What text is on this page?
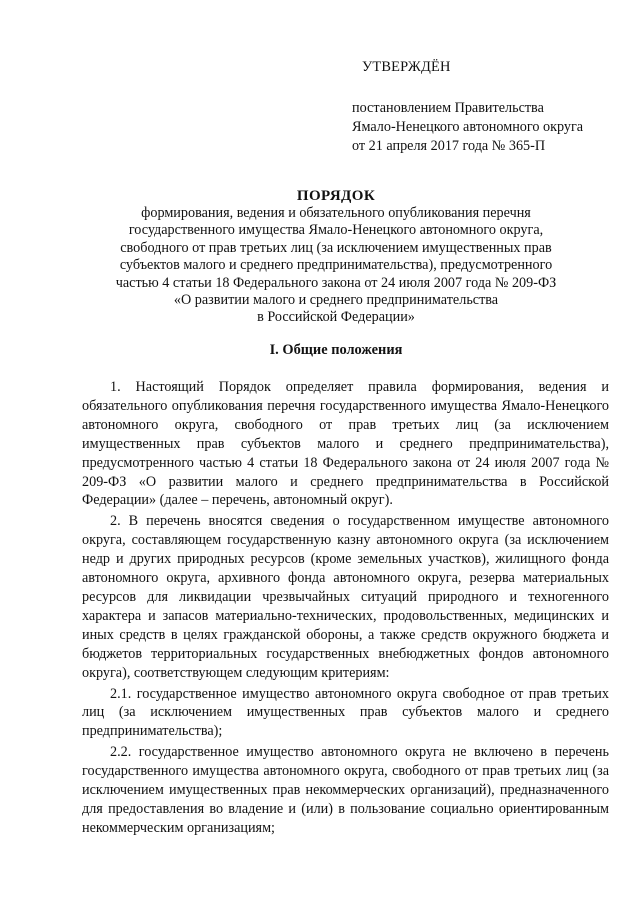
УТВЕРЖДЁН
постановлением Правительства
Ямало-Ненецкого автономного округа
от 21 апреля 2017 года № 365-П
ПОРЯДОК
формирования, ведения и обязательного опубликования перечня
государственного имущества Ямало-Ненецкого автономного округа,
свободного от прав третьих лиц (за исключением имущественных прав
субъектов малого и среднего предпринимательства), предусмотренного
частью 4 статьи 18 Федерального закона от 24 июля 2007 года № 209-ФЗ
«О развитии малого и среднего предпринимательства
в Российской Федерации»
I. Общие положения

1. Настоящий Порядок определяет правила формирования, ведения и обязательного опубликования перечня государственного имущества Ямало-Ненецкого автономного округа, свободного от прав третьих лиц (за исключением имущественных прав субъектов малого и среднего предпринимательства), предусмотренного частью 4 статьи 18 Федерального закона от 24 июля 2007 года № 209-ФЗ «О развитии малого и среднего предпринимательства в Российской Федерации» (далее – перечень, автономный округ).

2. В перечень вносятся сведения о государственном имуществе автономного округа, составляющем государственную казну автономного округа (за исключением недр и других природных ресурсов (кроме земельных участков), жилищного фонда автономного округа, архивного фонда автономного округа, резерва материальных ресурсов для ликвидации чрезвычайных ситуаций природного и техногенного характера и запасов материально-технических, продовольственных, медицинских и иных средств в целях гражданской обороны, а также средств окружного бюджета и бюджетов территориальных государственных внебюджетных фондов автономного округа), соответствующем следующим критериям:

2.1. государственное имущество автономного округа свободное от прав третьих лиц (за исключением имущественных прав субъектов малого и среднего предпринимательства);

2.2. государственное имущество автономного округа не включено в перечень государственного имущества автономного округа, свободного от прав третьих лиц (за исключением имущественных прав некоммерческих организаций), предназначенного для предоставления во владение и (или) в пользование социально ориентированным некоммерческим организациям;
